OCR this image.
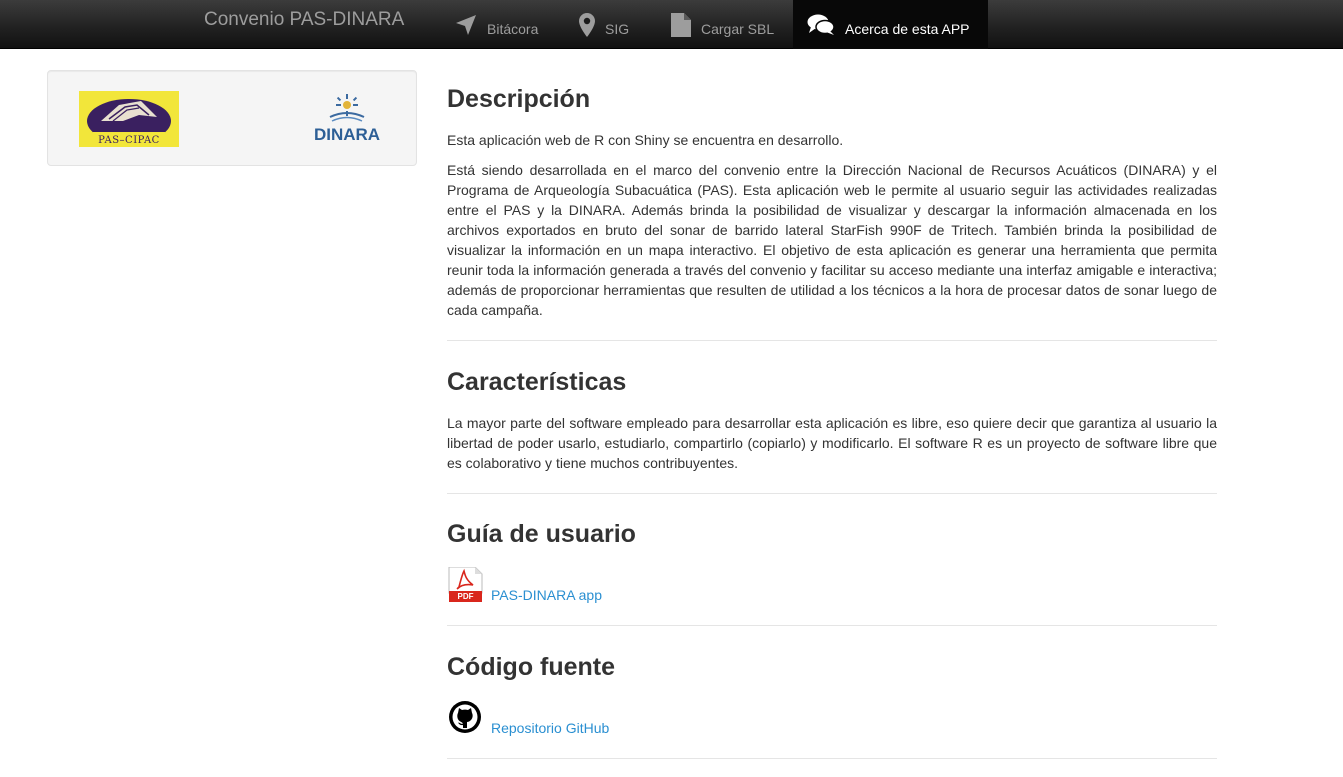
Convenio PAS-DINARA	Bitácora	SIG	Cargar SBL	Acerca de esta APP
PAS–CIPAC	DINARA
Descripción

Esta aplicación web de R con Shiny se encuentra en desarrollo.

Está siendo desarrollada en el marco del convenio entre la Dirección Nacional de Recursos Acuáticos (DINARA) y el Programa de Arqueología Subacuática (PAS). Esta aplicación web le permite al usuario seguir las actividades realizadas entre el PAS y la DINARA. Además brinda la posibilidad de visualizar y descargar la información almacenada en los archivos exportados en bruto del sonar de barrido lateral StarFish 990F de Tritech. También brinda la posibilidad de visualizar la información en un mapa interactivo. El objetivo de esta aplicación es generar una herramienta que permita reunir toda la información generada a través del convenio y facilitar su acceso mediante una interfaz amigable e interactiva; además de proporcionar herramientas que resulten de utilidad a los técnicos a la hora de procesar datos de sonar luego de cada campaña.

Características

La mayor parte del software empleado para desarrollar esta aplicación es libre, eso quiere decir que garantiza al usuario la libertad de poder usarlo, estudiarlo, compartirlo (copiarlo) y modificarlo. El software R es un proyecto de software libre que es colaborativo y tiene muchos contribuyentes.

Guía de usuario
PDF	PAS-DINARA app
Código fuente
Repositorio GitHub
